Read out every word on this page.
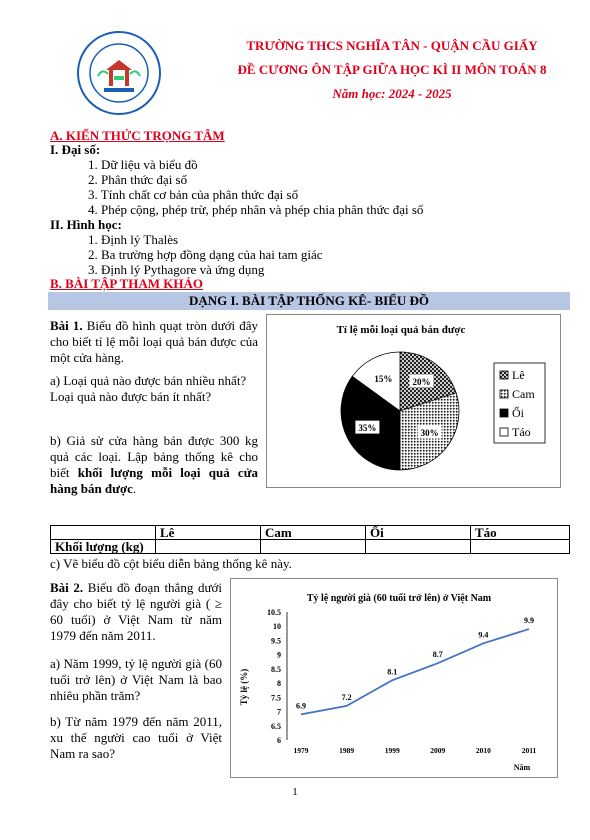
TRƯỜNG THCS NGHĨA TÂN - QUẬN CẦU GIẤY
ĐỀ CƯƠNG ÔN TẬP GIỮA HỌC KÌ II MÔN TOÁN 8
Năm học: 2024 - 2025
A. KIẾN THỨC TRỌNG TÂM
I. Đại số:
1. Dữ liệu và biểu đồ
2. Phân thức đại số
3. Tính chất cơ bản của phân thức đại số
4. Phép cộng, phép trừ, phép nhân và phép chia phân thức đại số
II. Hình học:
1. Định lý Thalès
2. Ba trường hợp đồng dạng của hai tam giác
3. Định lý Pythagore và ứng dụng
B. BÀI TẬP THAM KHẢO
DẠNG I. BÀI TẬP THỐNG KÊ- BIỂU ĐỒ
Bài 1. Biểu đồ hình quạt tròn dưới đây cho biết tỉ lệ mỗi loại quả bán được của một cửa hàng.
a) Loại quả nào được bán nhiều nhất? Loại quả nào được bán ít nhất?
b) Giả sử cửa hàng bán được 300 kg quả các loại. Lập bảng thống kê cho biết khối lượng mỗi loại quả cửa hàng bán được.
Tỉ lệ mỗi loại quả bán được
20%
30%
35%
15%	Lê
Cam
Ổi
Táo
	Lê	Cam	Ổi	Táo
Khối lượng (kg)				
c) Vẽ biểu đồ cột biểu diễn bảng thống kê này.
Bài 2. Biểu đồ đoạn thẳng dưới đây cho biết tỷ lệ người già ( ≥ 60 tuổi) ở Việt Nam từ năm 1979 đến năm 2011.
a) Năm 1999, tỷ lệ người già (60 tuổi trở lên) ở Việt Nam là bao nhiêu phần trăm?
b) Từ năm 1979 đến năm 2011, xu thế người cao tuổi ở Việt Nam ra sao?
Tỷ lệ người già (60 tuổi trở lên) ở Việt Nam
Tỷ lệ (%)
Năm
6
6.5
7
7.5
8
8.5
9
9.5
10
10.5
1979	1989	1999	2009	2010	2011
6.9
7.2
8.1
8.7
9.4
9.9
1
